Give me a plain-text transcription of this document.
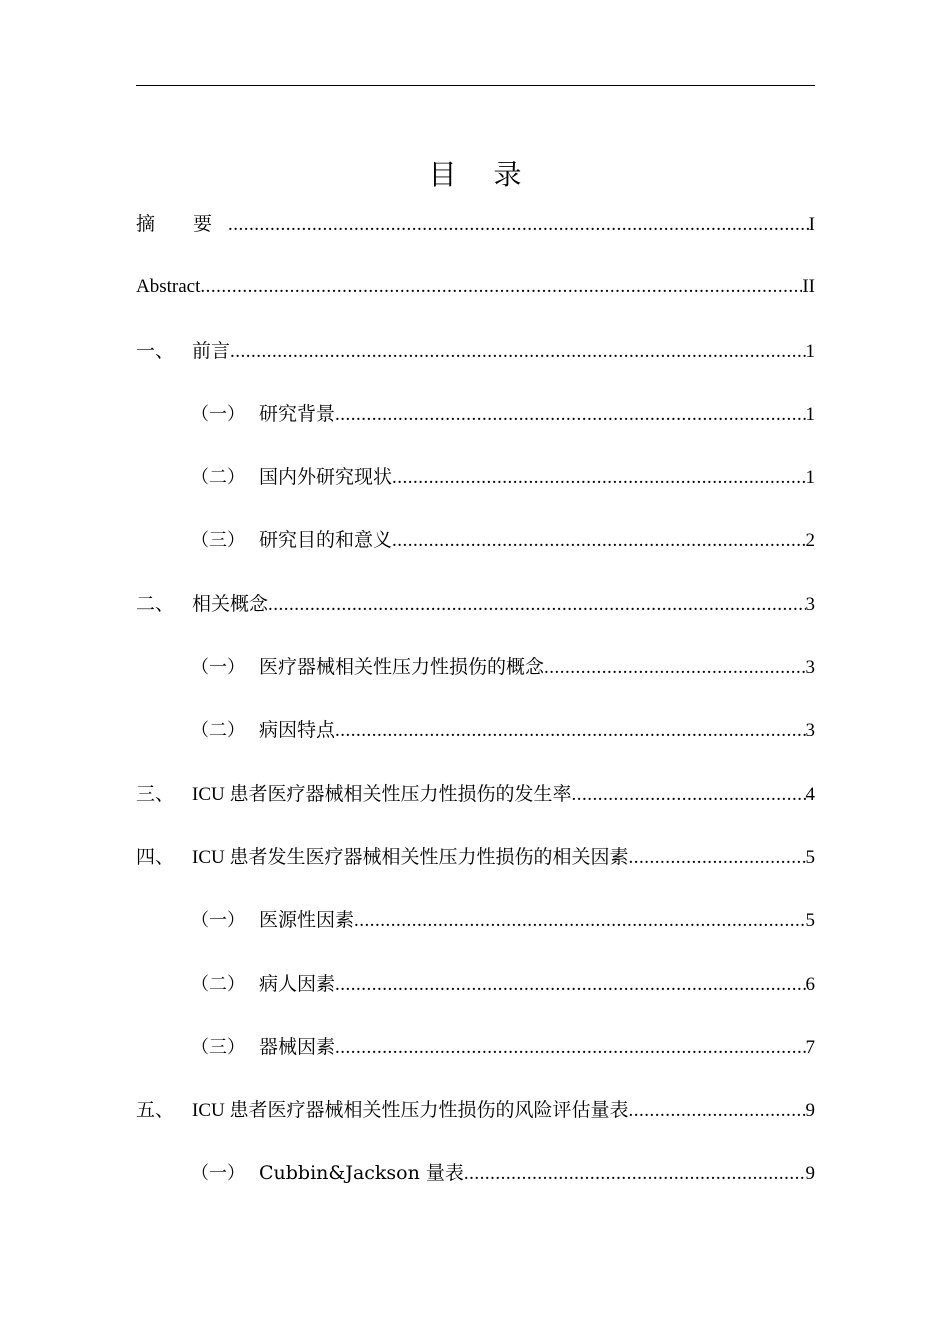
目 录
摘 要 .....	I
Abstract .....	II
一、 前言 .....	1
（一） 研究背景 .....	1
（二） 国内外研究现状 .....	1
（三） 研究目的和意义 .....	2
二、 相关概念 .....	3
（一） 医疗器械相关性压力性损伤的概念 .....	3
（二） 病因特点 .....	3
三、 ICU 患者医疗器械相关性压力性损伤的发生率 .....	4
四、 ICU 患者发生医疗器械相关性压力性损伤的相关因素 .....	5
（一） 医源性因素 .....	5
（二） 病人因素 .....	6
（三） 器械因素 .....	7
五、 ICU 患者医疗器械相关性压力性损伤的风险评估量表 .....	9
（一） Cubbin&Jackson 量表 .....	9
